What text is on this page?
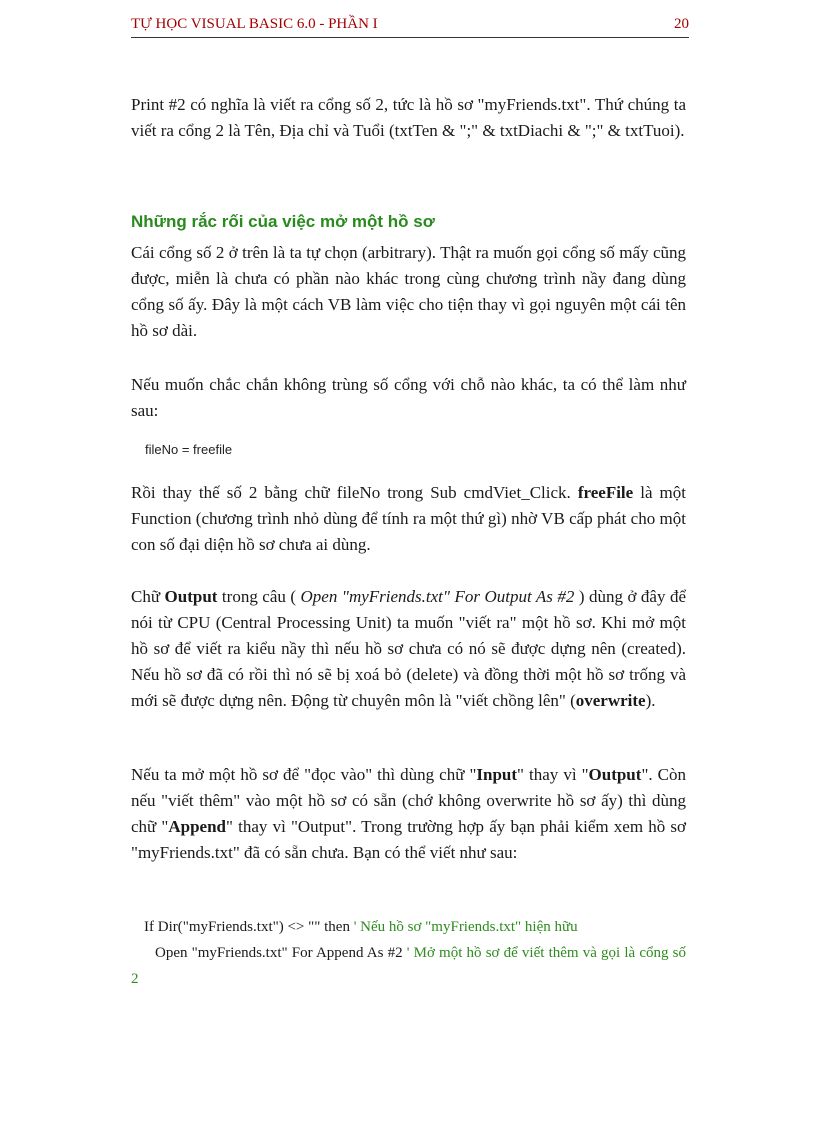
TỰ HỌC VISUAL BASIC 6.0 - PHẦN I	20

Print #2 có nghĩa là viết ra cổng số 2, tức là hồ sơ "myFriends.txt". Thứ chúng ta viết ra cổng 2 là Tên, Địa chỉ và Tuổi (txtTen & ";" & txtDiachi & ";" & txtTuoi).

Những rắc rối của việc mở một hồ sơ

Cái cổng số 2 ở trên là ta tự chọn (arbitrary). Thật ra muốn gọi cổng số mấy cũng được, miễn là chưa có phần nào khác trong cùng chương trình nầy đang dùng cổng số ấy. Đây là một cách VB làm việc cho tiện thay vì gọi nguyên một cái tên hồ sơ dài.

Nếu muốn chắc chắn không trùng số cổng với chỗ nào khác, ta có thể làm như sau:

fileNo = freefile

Rồi thay thế số 2 bằng chữ fileNo trong Sub cmdViet_Click. freeFile là một Function (chương trình nhỏ dùng để tính ra một thứ gì) nhờ VB cấp phát cho một con số đại diện hồ sơ chưa ai dùng.

Chữ Output trong câu ( Open "myFriends.txt" For Output As #2 ) dùng ở đây để nói từ CPU (Central Processing Unit) ta muốn "viết ra" một hồ sơ. Khi mở một hồ sơ để viết ra kiểu nầy thì nếu hồ sơ chưa có nó sẽ được dựng nên (created). Nếu hồ sơ đã có rồi thì nó sẽ bị xoá bỏ (delete) và đồng thời một hồ sơ trống và mới sẽ được dựng nên. Động từ chuyên môn là "viết chồng lên" (overwrite).

Nếu ta mở một hồ sơ để "đọc vào" thì dùng chữ "Input" thay vì "Output". Còn nếu "viết thêm" vào một hồ sơ có sẵn (chớ không overwrite hồ sơ ấy) thì dùng chữ "Append" thay vì "Output". Trong trường hợp ấy bạn phải kiểm xem hồ sơ "myFriends.txt" đã có sẵn chưa. Bạn có thể viết như sau:

If Dir("myFriends.txt") <> "" then ' Nếu hồ sơ "myFriends.txt" hiện hữu

Open "myFriends.txt" For Append As #2 ' Mở một hồ sơ để viết thêm và gọi là cổng số 2
